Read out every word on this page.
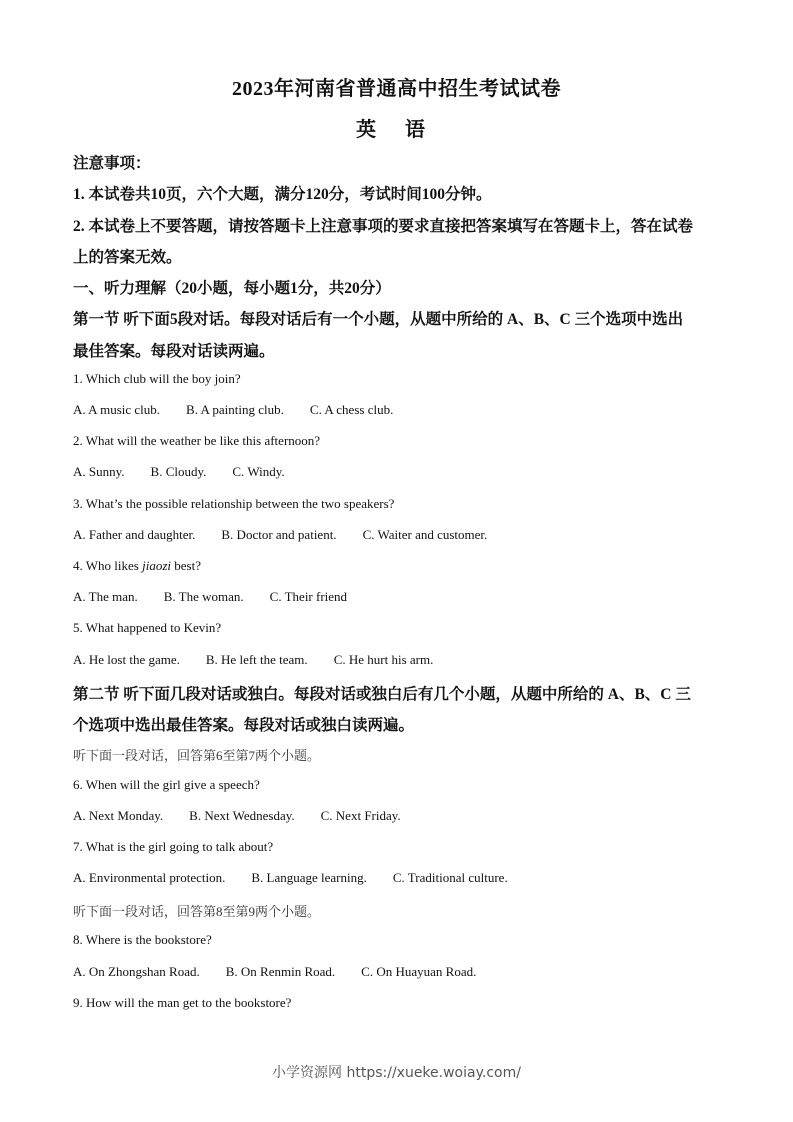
2023年河南省普通高中招生考试试卷
英 语
注意事项：
1. 本试卷共10页，六个大题，满分120分，考试时间100分钟。
2. 本试卷上不要答题，请按答题卡上注意事项的要求直接把答案填写在答题卡上，答在试卷
上的答案无效。
一、听力理解（20小题，每小题1分，共20分）
第一节 听下面5段对话。每段对话后有一个小题，从题中所给的 A、B、C 三个选项中选出
最佳答案。每段对话读两遍。
1. Which club will the boy join?
A. A music club. B. A painting club. C. A chess club.
2. What will the weather be like this afternoon?
A. Sunny. B. Cloudy. C. Windy.
3. What’s the possible relationship between the two speakers?
A. Father and daughter. B. Doctor and patient. C. Waiter and customer.
4. Who likes jiaozi best?
A. The man. B. The woman. C. Their friend
5. What happened to Kevin?
A. He lost the game. B. He left the team. C. He hurt his arm.
第二节 听下面几段对话或独白。每段对话或独白后有几个小题，从题中所给的 A、B、C 三
个选项中选出最佳答案。每段对话或独白读两遍。
听下面一段对话，回答第6至第7两个小题。
6. When will the girl give a speech?
A. Next Monday. B. Next Wednesday. C. Next Friday.
7. What is the girl going to talk about?
A. Environmental protection. B. Language learning. C. Traditional culture.
听下面一段对话，回答第8至第9两个小题。
8. Where is the bookstore?
A. On Zhongshan Road. B. On Renmin Road. C. On Huayuan Road.
9. How will the man get to the bookstore?
小学资源网 https://xueke.woiay.com/
